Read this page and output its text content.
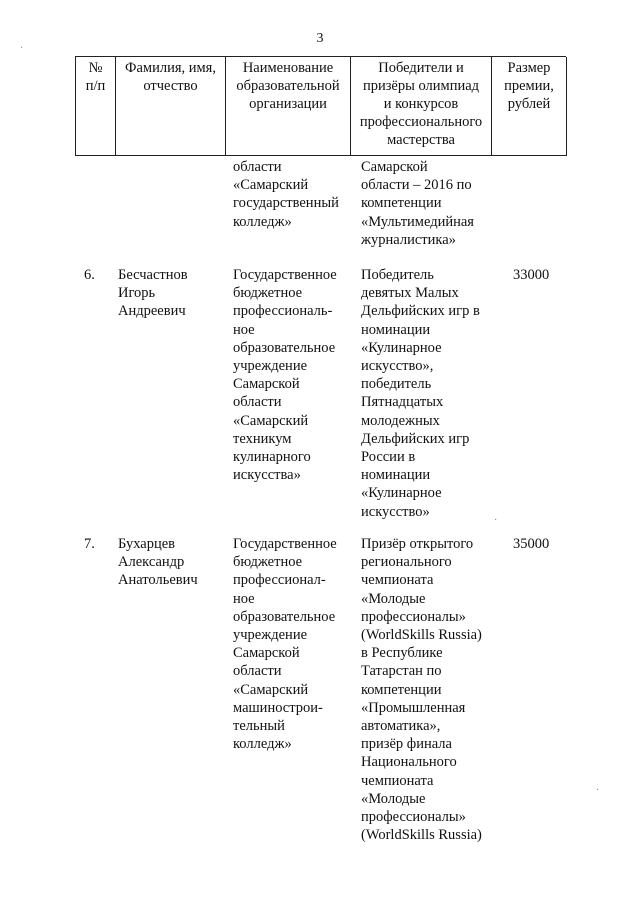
3
№
п/п
Фамилия, имя,
отчество
Наименование
образовательной
организации
Победители и
призёры олимпиад
и конкурсов
профессионального
мастерства
Размер
премии,
рублей
области
«Самарский
государственный
колледж»
Самарской
области – 2016 по
компетенции
«Мультимедийная
журналистика»
6. Бесчастнов
Игорь
Андреевич
Государственное
бюджетное
профессиональ-
ное
образовательное
учреждение
Самарской
области
«Самарский
техникум
кулинарного
искусства»
Победитель
девятых Малых
Дельфийских игр в
номинации
«Кулинарное
искусство»,
победитель
Пятнадцатых
молодежных
Дельфийских игр
России в
номинации
«Кулинарное
искусство»
33000
7. Бухарцев
Александр
Анатольевич
Государственное
бюджетное
профессионал-
ное
образовательное
учреждение
Самарской
области
«Самарский
машинострои-
тельный
колледж»
Призёр открытого
регионального
чемпионата
«Молодые
профессионалы»
(WorldSkills Russia)
в Республике
Татарстан по
компетенции
«Промышленная
автоматика»,
призёр финала
Национального
чемпионата
«Молодые
профессионалы»
(WorldSkills Russia)
35000
·
·
·
